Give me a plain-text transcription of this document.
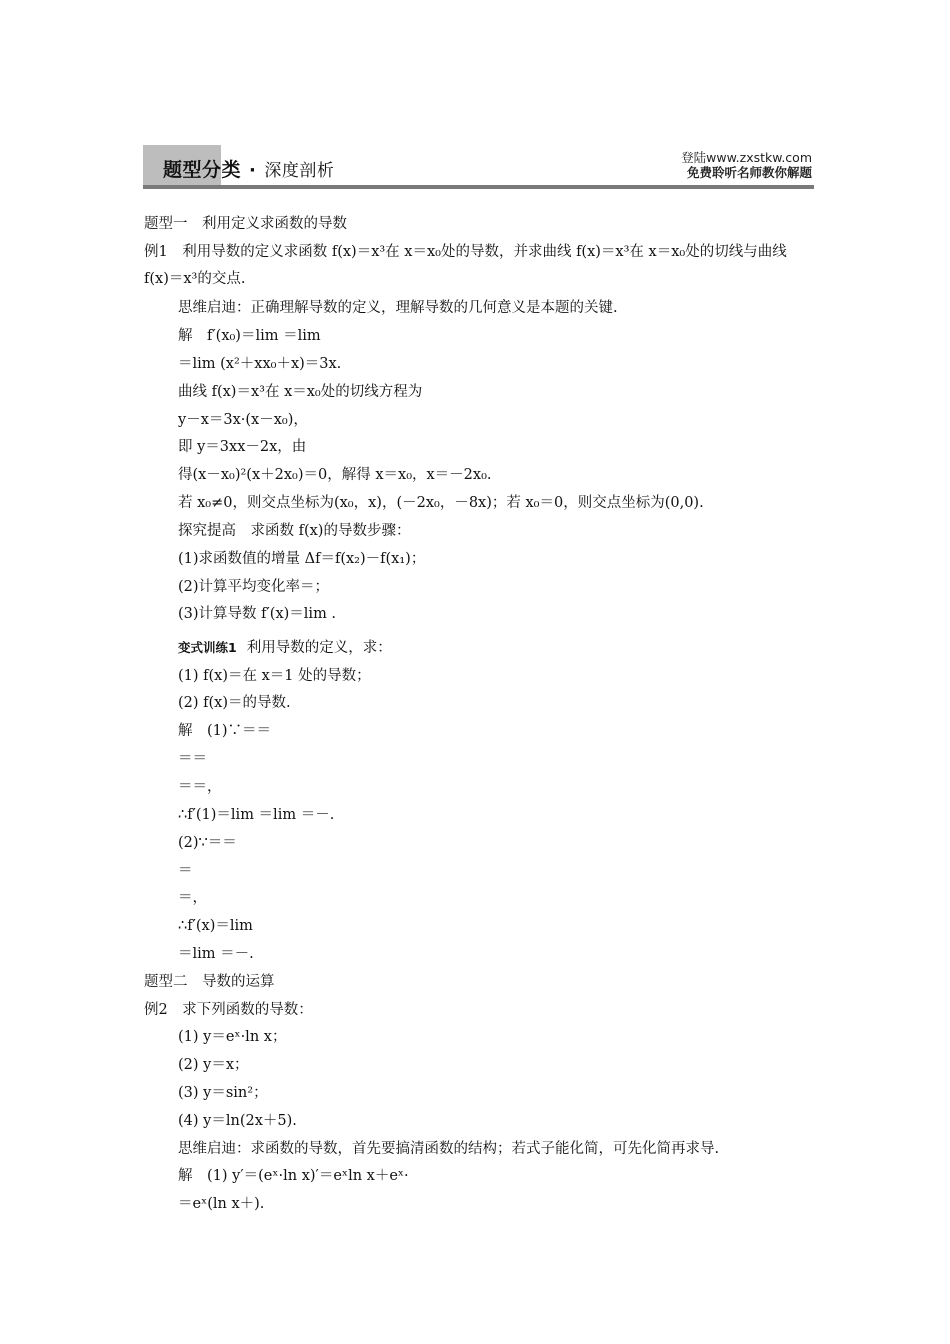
题型分类 · 深度剖析
登陆www.zxstkw.com
免费聆听名师教你解题
题型一　利用定义求函数的导数
例1　利用导数的定义求函数 f(x)＝x³在 x＝x₀处的导数，并求曲线 f(x)＝x³在 x＝x₀处的切线与曲线 f(x)＝x³的交点.
思维启迪：正确理解导数的定义，理解导数的几何意义是本题的关键.
解　f′(x₀)＝lim ＝lim
＝lim (x²＋xx₀＋x)＝3x.
曲线 f(x)＝x³在 x＝x₀处的切线方程为
y－x＝3x·(x－x₀)，
即 y＝3xx－2x，由
得(x－x₀)²(x＋2x₀)＝0，解得 x＝x₀，x＝－2x₀.
若 x₀≠0，则交点坐标为(x₀，x)，(－2x₀，－8x)；若 x₀＝0，则交点坐标为(0,0).
探究提高　求函数 f(x)的导数步骤：
(1)求函数值的增量 Δf＝f(x₂)－f(x₁)；
(2)计算平均变化率＝；
(3)计算导数 f′(x)＝lim .
变式训练1 利用导数的定义，求：
(1) f(x)＝在 x＝1 处的导数；
(2) f(x)＝的导数.
解　(1)∵＝＝
＝＝
＝＝，
∴f′(1)＝lim ＝lim ＝－.
(2)∵＝＝
＝
＝，
∴f′(x)＝lim
＝lim ＝－.
题型二　导数的运算
例2　求下列函数的导数：
(1) y＝eˣ·ln x；
(2) y＝x；
(3) y＝sin²；
(4) y＝ln(2x＋5).
思维启迪：求函数的导数，首先要搞清函数的结构；若式子能化简，可先化简再求导.
解　(1) y′＝(eˣ·ln x)′＝eˣln x＋eˣ·
＝eˣ(ln x＋).
